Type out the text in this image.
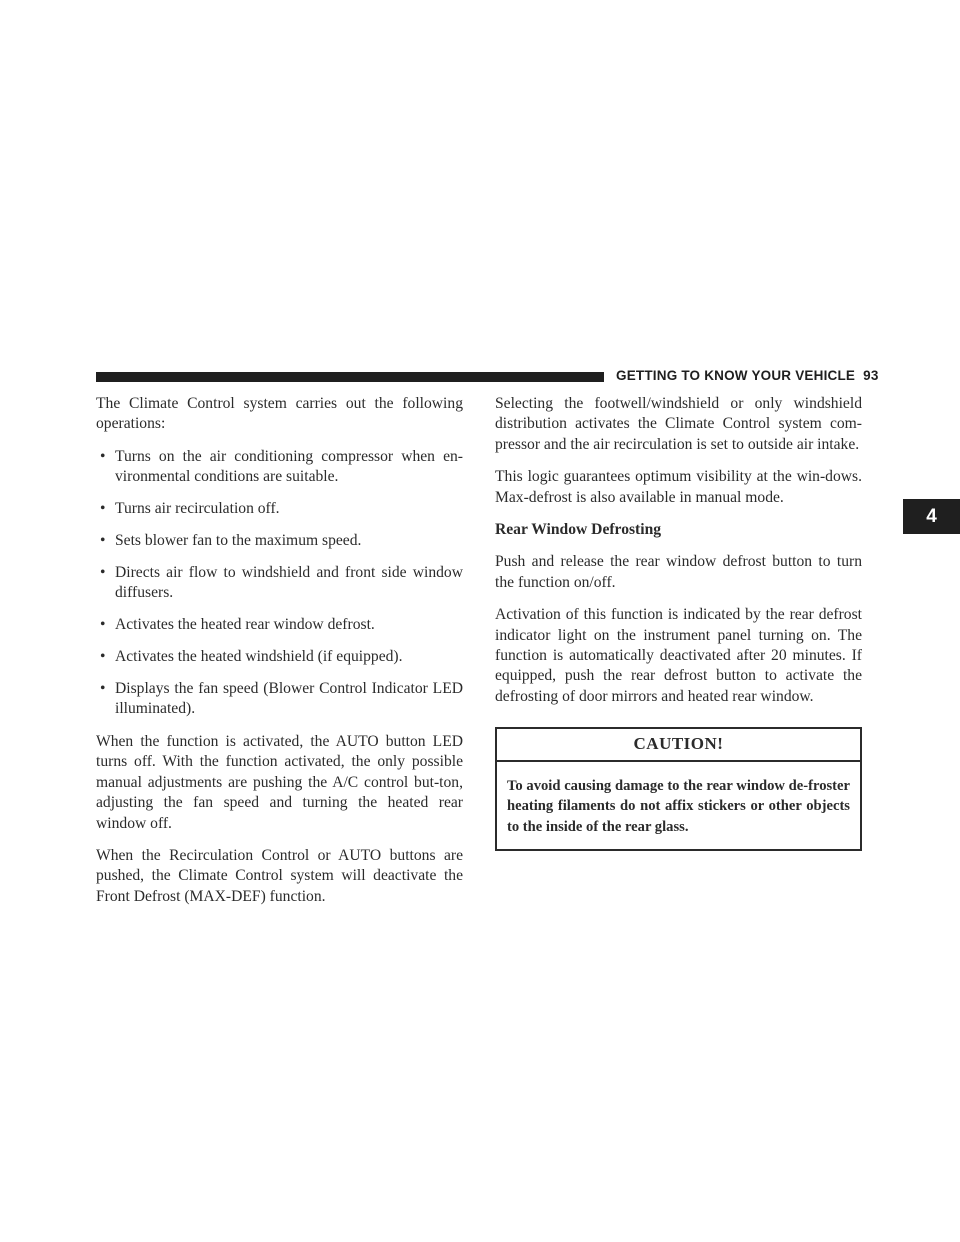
GETTING TO KNOW YOUR VEHICLE 93
4

The Climate Control system carries out the following operations:

• Turns on the air conditioning compressor when en-vironmental conditions are suitable.
• Turns air recirculation off.
• Sets blower fan to the maximum speed.
• Directs air flow to windshield and front side window diffusers.
• Activates the heated rear window defrost.
• Activates the heated windshield (if equipped).
• Displays the fan speed (Blower Control Indicator LED illuminated).

When the function is activated, the AUTO button LED turns off. With the function activated, the only possible manual adjustments are pushing the A/C control but-ton, adjusting the fan speed and turning the heated rear window off.

When the Recirculation Control or AUTO buttons are pushed, the Climate Control system will deactivate the Front Defrost (MAX-DEF) function.

Selecting the footwell/windshield or only windshield distribution activates the Climate Control system com-pressor and the air recirculation is set to outside air intake.

This logic guarantees optimum visibility at the win-dows. Max-defrost is also available in manual mode.

Rear Window Defrosting

Push and release the rear window defrost button to turn the function on/off.

Activation of this function is indicated by the rear defrost indicator light on the instrument panel turning on. The function is automatically deactivated after 20 minutes. If equipped, push the rear defrost button to activate the defrosting of door mirrors and heated rear window.

CAUTION!
To avoid causing damage to the rear window de-froster heating filaments do not affix stickers or other objects to the inside of the rear glass.
